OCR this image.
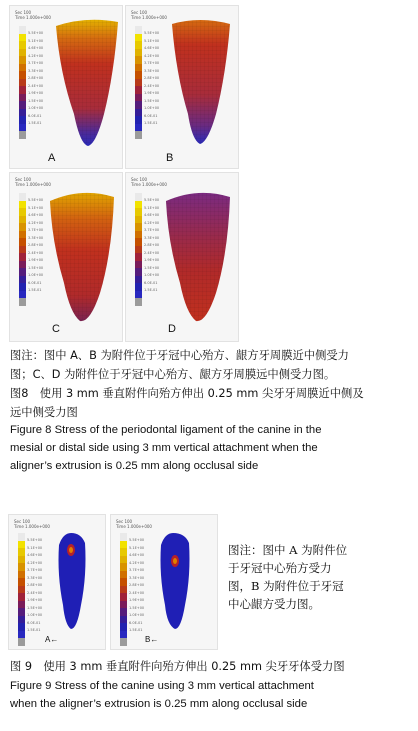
Sec 100
Time 1.000e+000
5.5E+00
5.1E+00
4.6E+00
4.2E+00
3.7E+00
3.3E+00
2.8E+00
2.4E+00
1.9E+00
1.5E+00
1.0E+00
6.0E-01
1.5E-01
A
Sec 100
Time 1.000e+000
5.5E+00
5.1E+00
4.6E+00
4.2E+00
3.7E+00
3.3E+00
2.8E+00
2.4E+00
1.9E+00
1.5E+00
1.0E+00
6.0E-01
1.5E-01
B
Sec 100
Time 1.000e+000
5.5E+00
5.1E+00
4.6E+00
4.2E+00
3.7E+00
3.3E+00
2.8E+00
2.4E+00
1.9E+00
1.5E+00
1.0E+00
6.0E-01
1.5E-01
C
Sec 100
Time 1.000e+000
5.5E+00
5.1E+00
4.6E+00
4.2E+00
3.7E+00
3.3E+00
2.8E+00
2.4E+00
1.9E+00
1.5E+00
1.0E+00
6.0E-01
1.5E-01
D
图注：图中 A、B 为附件位于牙冠中心殆方、龈方牙周膜近中侧受力
图；C、D 为附件位于牙冠中心殆方、龈方牙周膜远中侧受力图。
图8　使用 3 mm 垂直附件向殆方伸出 0.25 mm 尖牙牙周膜近中侧及
远中侧受力图
Figure 8 Stress of the periodontal ligament of the canine in the
mesial or distal side using 3 mm vertical attachment when the
aligner’s extrusion is 0.25 mm along occlusal side
Sec 100
Time 1.000e+000
5.5E+00
5.1E+00
4.6E+00
4.2E+00
3.7E+00
3.3E+00
2.8E+00
2.4E+00
1.9E+00
1.5E+00
1.0E+00
6.0E-01
1.5E-01
A←
Sec 100
Time 1.000e+000
5.5E+00
5.1E+00
4.6E+00
4.2E+00
3.7E+00
3.3E+00
2.8E+00
2.4E+00
1.9E+00
1.5E+00
1.0E+00
6.0E-01
1.5E-01
B←
图注：图中 A 为附件位
于牙冠中心殆方受力
图，B 为附件位于牙冠
中心龈方受力图。
图 9　使用 3 mm 垂直附件向殆方伸出 0.25 mm 尖牙牙体受力图
Figure 9 Stress of the canine using 3 mm vertical attachment
when the aligner’s extrusion is 0.25 mm along occlusal side
